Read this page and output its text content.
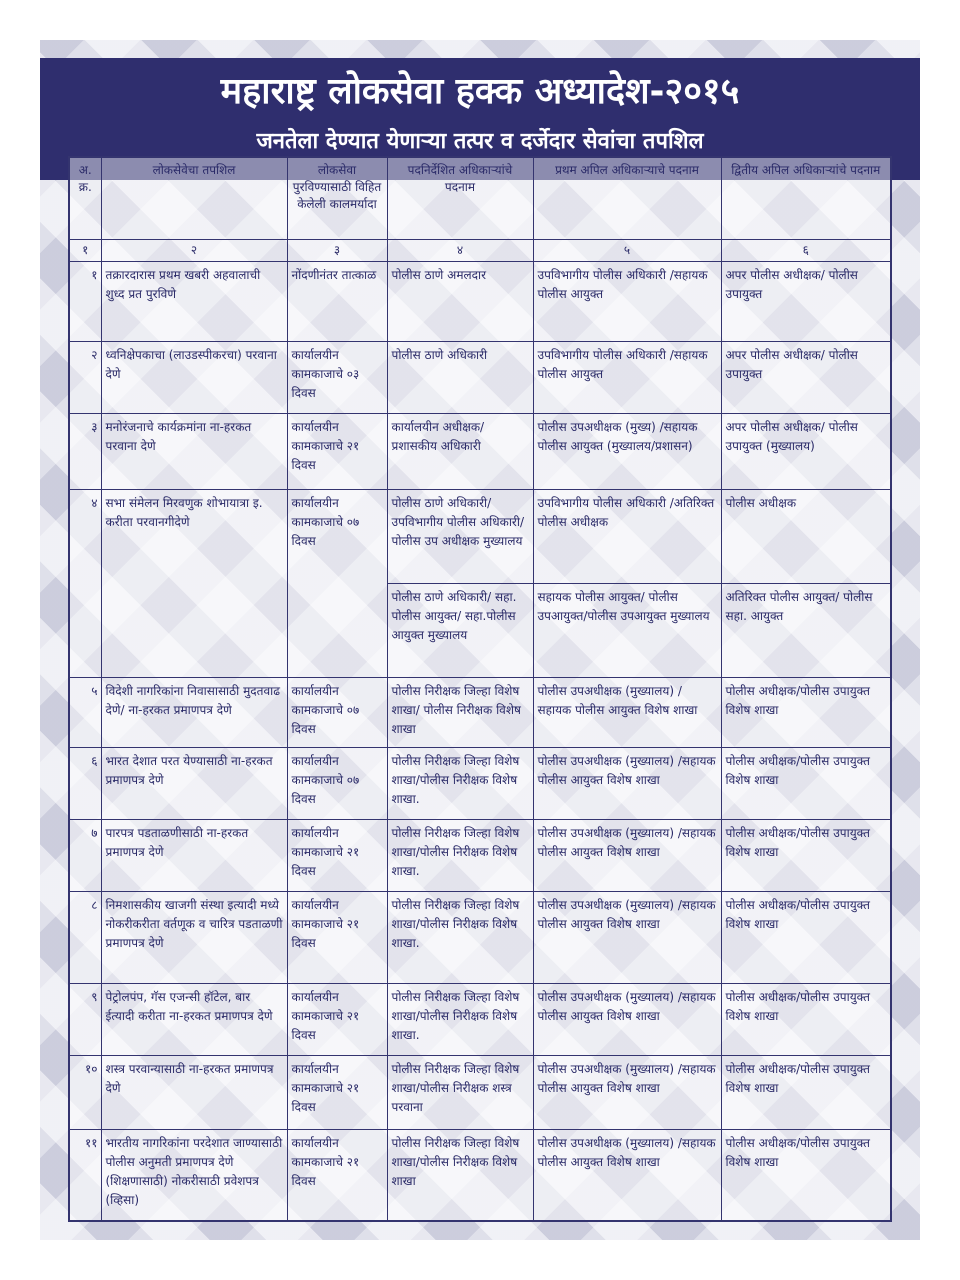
महाराष्ट्र लोकसेवा हक्क अध्यादेश-२०१५
जनतेला देण्यात येणाऱ्या तत्पर व दर्जेदार सेवांचा तपशिल
अ. क्र.	लोकसेवेचा तपशिल	लोकसेवा पुरविण्यासाठी विहित केलेली कालमर्यादा	पदनिर्देशित अधिकाऱ्यांचे पदनाम	प्रथम अपिल अधिकाऱ्याचे पदनाम	द्वितीय अपिल अधिकाऱ्यांचे पदनाम
१	२	३	४	५	६
१	तक्रारदारास प्रथम खबरी अहवालाची शुध्द प्रत पुरविणे	नोंदणीनंतर तात्काळ	पोलीस ठाणे अमलदार	उपविभागीय पोलीस अधिकारी /सहायक पोलीस आयुक्त	अपर पोलीस अधीक्षक/ पोलीस उपायुक्त
२	ध्वनिक्षेपकाचा (लाउडस्पीकरचा) परवाना देणे	कार्यालयीन कामकाजाचे ०३ दिवस	पोलीस ठाणे अधिकारी	उपविभागीय पोलीस अधिकारी /सहायक पोलीस आयुक्त	अपर पोलीस अधीक्षक/ पोलीस उपायुक्त
३	मनोरंजनाचे कार्यक्रमांना ना-हरकत परवाना देणे	कार्यालयीन कामकाजाचे २१ दिवस	कार्यालयीन अधीक्षक/ प्रशासकीय अधिकारी	पोलीस उपअधीक्षक (मुख्य) /सहायक पोलीस आयुक्त (मुख्यालय/प्रशासन)	अपर पोलीस अधीक्षक/ पोलीस उपायुक्त (मुख्यालय)
४	सभा संमेलन मिरवणुक शोभायात्रा इ. करीता परवानगीदेणे	कार्यालयीन कामकाजाचे ०७ दिवस	पोलीस ठाणे अधिकारी/ उपविभागीय पोलीस अधिकारी/ पोलीस उप अधीक्षक मुख्यालय	उपविभागीय पोलीस अधिकारी /अतिरिक्त पोलीस अधीक्षक	पोलीस अधीक्षक
			पोलीस ठाणे अधिकारी/ सहा. पोलीस आयुक्त/ सहा.पोलीस आयुक्त मुख्यालय	सहायक पोलीस आयुक्त/ पोलीस उपआयुक्त/पोलीस उपआयुक्त मुख्यालय	अतिरिक्त पोलीस आयुक्त/ पोलीस सहा. आयुक्त
५	विदेशी नागरिकांना निवासासाठी मुदतवाढ देणे/ ना-हरकत प्रमाणपत्र देणे	कार्यालयीन कामकाजाचे ०७ दिवस	पोलीस निरीक्षक जिल्हा विशेष शाखा/ पोलीस निरीक्षक विशेष शाखा	पोलीस उपअधीक्षक (मुख्यालय) / सहायक पोलीस आयुक्त विशेष शाखा	पोलीस अधीक्षक/पोलीस उपायुक्त विशेष शाखा
६	भारत देशात परत येण्यासाठी ना-हरकत प्रमाणपत्र देणे	कार्यालयीन कामकाजाचे ०७ दिवस	पोलीस निरीक्षक जिल्हा विशेष शाखा/पोलीस निरीक्षक विशेष शाखा.	पोलीस उपअधीक्षक (मुख्यालय) /सहायक पोलीस आयुक्त विशेष शाखा	पोलीस अधीक्षक/पोलीस उपायुक्त विशेष शाखा
७	पारपत्र पडताळणीसाठी ना-हरकत प्रमाणपत्र देणे	कार्यालयीन कामकाजाचे २१ दिवस	पोलीस निरीक्षक जिल्हा विशेष शाखा/पोलीस निरीक्षक विशेष शाखा.	पोलीस उपअधीक्षक (मुख्यालय) /सहायक पोलीस आयुक्त विशेष शाखा	पोलीस अधीक्षक/पोलीस उपायुक्त विशेष शाखा
८	निमशासकीय खाजगी संस्था इत्यादी मध्ये नोकरीकरीता वर्तणूक व चारित्र पडताळणी प्रमाणपत्र देणे	कार्यालयीन कामकाजाचे २१ दिवस	पोलीस निरीक्षक जिल्हा विशेष शाखा/पोलीस निरीक्षक विशेष शाखा.	पोलीस उपअधीक्षक (मुख्यालय) /सहायक पोलीस आयुक्त विशेष शाखा	पोलीस अधीक्षक/पोलीस उपायुक्त विशेष शाखा
९	पेट्रोलपंप, गॅस एजन्सी हॉटेल, बार ईत्यादी करीता ना-हरकत प्रमाणपत्र देणे	कार्यालयीन कामकाजाचे २१ दिवस	पोलीस निरीक्षक जिल्हा विशेष शाखा/पोलीस निरीक्षक विशेष शाखा.	पोलीस उपअधीक्षक (मुख्यालय) /सहायक पोलीस आयुक्त विशेष शाखा	पोलीस अधीक्षक/पोलीस उपायुक्त विशेष शाखा
१०	शस्त्र परवान्यासाठी ना-हरकत प्रमाणपत्र देणे	कार्यालयीन कामकाजाचे २१ दिवस	पोलीस निरीक्षक जिल्हा विशेष शाखा/पोलीस निरीक्षक शस्त्र परवाना	पोलीस उपअधीक्षक (मुख्यालय) /सहायक पोलीस आयुक्त विशेष शाखा	पोलीस अधीक्षक/पोलीस उपायुक्त विशेष शाखा
११	भारतीय नागरिकांना परदेशात जाण्यासाठी पोलीस अनुमती प्रमाणपत्र देणे (शिक्षणासाठी) नोकरीसाठी प्रवेशपत्र (व्हिसा)	कार्यालयीन कामकाजाचे २१ दिवस	पोलीस निरीक्षक जिल्हा विशेष शाखा/पोलीस निरीक्षक विशेष शाखा	पोलीस उपअधीक्षक (मुख्यालय) /सहायक पोलीस आयुक्त विशेष शाखा	पोलीस अधीक्षक/पोलीस उपायुक्त विशेष शाखा
